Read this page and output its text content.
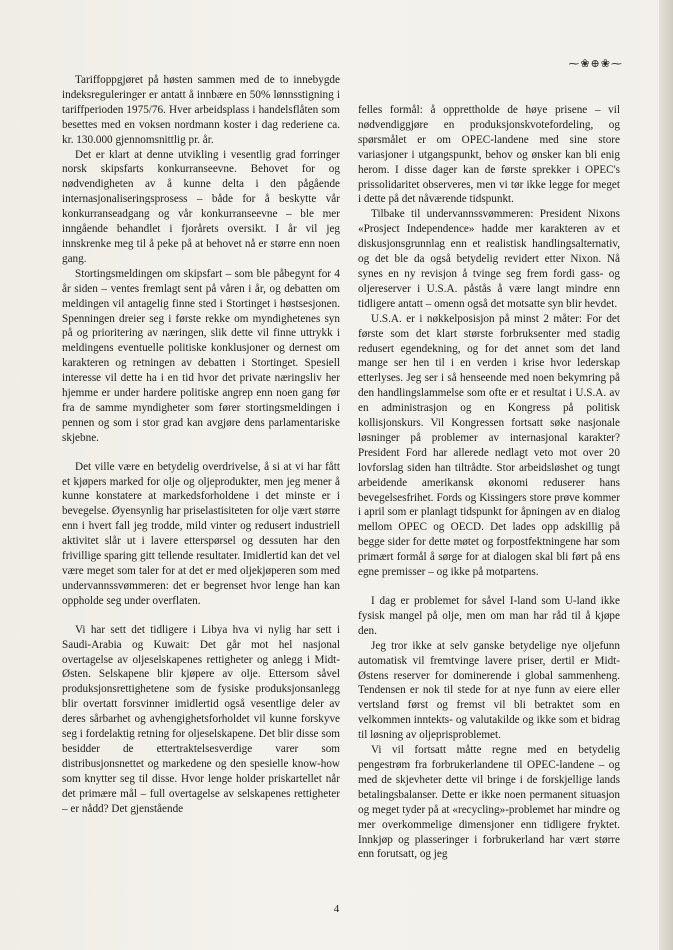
⁓❀⊕❀⁓

Tariffoppgjøret på høsten sammen med de to innebygde indeksreguleringer er antatt å innbære en 50% lønnsstigning i tariffperioden 1975/76. Hver arbeidsplass i handelsflåten som besettes med en voksen nordmann koster i dag rederiene ca. kr. 130.000 gjennomsnittlig pr. år.

Det er klart at denne utvikling i vesentlig grad forringer norsk skipsfarts konkurranseevne. Behovet for og nødvendigheten av å kunne delta i den pågående internasjonaliseringsprosess – både for å beskytte vår konkurranseadgang og vår konkurranseevne – ble mer inngående behandlet i fjorårets oversikt. I år vil jeg innskrenke meg til å peke på at behovet nå er større enn noen gang.

Stortingsmeldingen om skipsfart – som ble påbegynt for 4 år siden – ventes fremlagt sent på våren i år, og debatten om meldingen vil antagelig finne sted i Stortinget i høstsesjonen. Spenningen dreier seg i første rekke om myndighetenes syn på og prioritering av næringen, slik dette vil finne uttrykk i meldingens eventuelle politiske konklusjoner og dernest om karakteren og retningen av debatten i Stortinget. Spesiell interesse vil dette ha i en tid hvor det private næringsliv her hjemme er under hardere politiske angrep enn noen gang før fra de samme myndigheter som fører stortingsmeldingen i pennen og som i stor grad kan avgjøre dens parlamentariske skjebne.

Det ville være en betydelig overdrivelse, å si at vi har fått et kjøpers marked for olje og oljeprodukter, men jeg mener å kunne konstatere at markedsforholdene i det minste er i bevegelse. Øyensynlig har priselastisiteten for olje vært større enn i hvert fall jeg trodde, mild vinter og redusert industriell aktivitet slår ut i lavere etterspørsel og dessuten har den frivillige sparing gitt tellende resultater. Imidlertid kan det vel være meget som taler for at det er med oljekjøperen som med undervannssvømmeren: det er begrenset hvor lenge han kan oppholde seg under overflaten.

Vi har sett det tidligere i Libya hva vi nylig har sett i Saudi-Arabia og Kuwait: Det går mot hel nasjonal overtagelse av oljeselskapenes rettigheter og anlegg i Midt-Østen. Selskapene blir kjøpere av olje. Ettersom såvel produksjonsrettighetene som de fysiske produksjonsanlegg blir overtatt forsvinner imidlertid også vesentlige deler av deres sårbarhet og avhengighetsforholdet vil kunne forskyve seg i fordelaktig retning for oljeselskapene. Det blir disse som besidder de ettertraktelsesverdige varer som distribusjonsnettet og markedene og den spesielle know-how som knytter seg til disse. Hvor lenge holder priskartellet når det primære mål – full overtagelse av selskapenes rettigheter – er nådd? Det gjenstående

felles formål: å opprettholde de høye prisene – vil nødvendiggjøre en produksjonskvotefordeling, og spørsmålet er om OPEC-landene med sine store variasjoner i utgangspunkt, behov og ønsker kan bli enig herom. I disse dager kan de første sprekker i OPEC's prissolidaritet observeres, men vi tør ikke legge for meget i dette på det nåværende tidspunkt.

Tilbake til undervannssvømmeren: President Nixons «Prosject Independence» hadde mer karakteren av et diskusjonsgrunnlag enn et realistisk handlingsalternativ, og det ble da også betydelig revidert etter Nixon. Nå synes en ny revisjon å tvinge seg frem fordi gass- og oljereserver i U.S.A. påstås å være langt mindre enn tidligere antatt – omenn også det motsatte syn blir hevdet.

U.S.A. er i nøkkelposisjon på minst 2 måter: For det første som det klart største forbruksenter med stadig redusert egendekning, og for det annet som det land mange ser hen til i en verden i krise hvor lederskap etterlyses. Jeg ser i så henseende med noen bekymring på den handlingslammelse som ofte er et resultat i U.S.A. av en administrasjon og en Kongress på politisk kollisjonskurs. Vil Kongressen fortsatt søke nasjonale løsninger på problemer av internasjonal karakter? President Ford har allerede nedlagt veto mot over 20 lovforslag siden han tiltrådte. Stor arbeidsløshet og tungt arbeidende amerikansk økonomi reduserer hans bevegelsesfrihet. Fords og Kissingers store prøve kommer i april som er planlagt tidspunkt for åpningen av en dialog mellom OPEC og OECD. Det lades opp adskillig på begge sider for dette møtet og forpostfektningene har som primært formål å sørge for at dialogen skal bli ført på ens egne premisser – og ikke på motpartens.

I dag er problemet for såvel I-land som U-land ikke fysisk mangel på olje, men om man har råd til å kjøpe den.

Jeg tror ikke at selv ganske betydelige nye oljefunn automatisk vil fremtvinge lavere priser, dertil er Midt-Østens reserver for dominerende i global sammenheng. Tendensen er nok til stede for at nye funn av eiere eller vertsland først og fremst vil bli betraktet som en velkommen inntekts- og valutakilde og ikke som et bidrag til løsning av oljeprisproblemet.

Vi vil fortsatt måtte regne med en betydelig pengestrøm fra forbrukerlandene til OPEC-landene – og med de skjevheter dette vil bringe i de forskjellige lands betalingsbalanser. Dette er ikke noen permanent situasjon og meget tyder på at «recycling»-problemet har mindre og mer overkommelige dimensjoner enn tidligere fryktet. Innkjøp og plasseringer i forbrukerland har vært større enn forutsatt, og jeg

4
